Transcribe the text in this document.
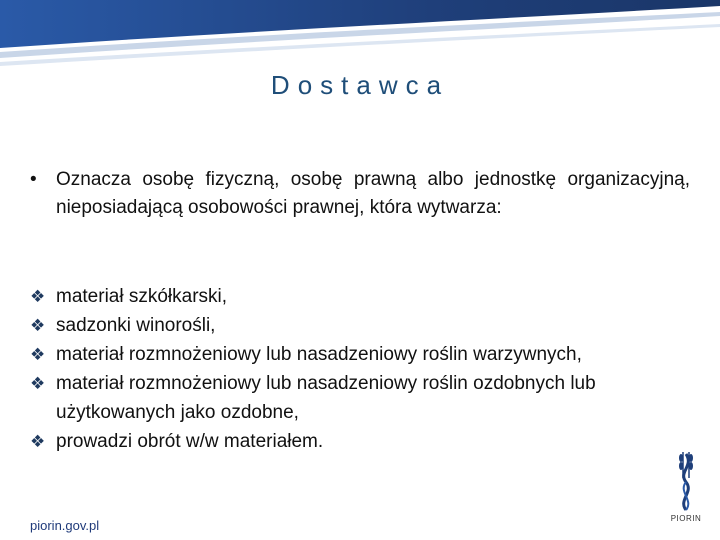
Dostawca
•	Oznacza osobę fizyczną, osobę prawną albo jednostkę organizacyjną, nieposiadającą osobowości prawnej, która wytwarza:
❖ materiał szkółkarski,
❖ sadzonki winorośli,
❖ materiał rozmnożeniowy lub nasadzeniowy roślin warzywnych,
❖ materiał rozmnożeniowy lub nasadzeniowy roślin ozdobnych lub użytkowanych jako ozdobne,
❖ prowadzi obrót w/w materiałem.
piorin.gov.pl	PIORIN
